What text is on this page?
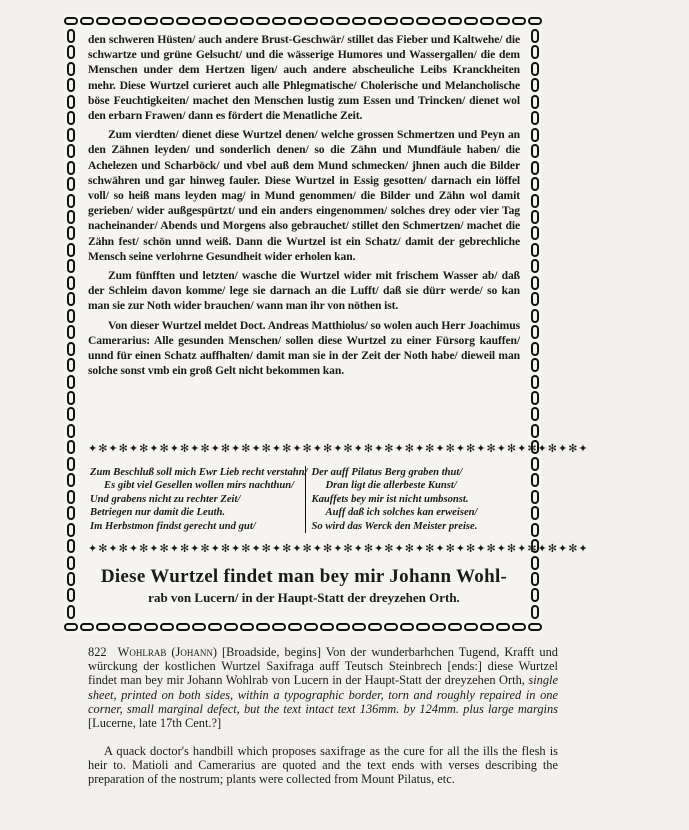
den schweren Hüsten/ auch andere Brust-Geschwär/ stillet das Fieber und Kaltwehe/ die schwartze und grüne Gelsucht/ und die wässerige Humores und Wassergallen/ die dem Menschen under dem Hertzen ligen/ auch andere abscheuliche Leibs Kranckheiten mehr. Diese Wurtzel curieret auch alle Phlegmatische/ Cholerische und Melancholische böse Feuchtigkeiten/ machet den Menschen lustig zum Essen und Trincken/ dienet wol den erbarn Frawen/ dann es fördert die Menatliche Zeit.

Zum vierdten/ dienet diese Wurtzel denen/ welche grossen Schmertzen und Peyn an den Zähnen leyden/ und sonderlich denen/ so die Zähn und Mundfäule haben/ die Achelezen und Scharböck/ und vbel auß dem Mund schmecken/ jhnen auch die Bilder schwähren und gar hinweg fauler. Diese Wurtzel in Essig gesotten/ darnach ein löffel voll/ so heiß mans leyden mag/ in Mund genommen/ die Bilder und Zähn wol damit gerieben/ wider außgespürtzt/ und ein anders eingenommen/ solches drey oder vier Tag nacheinander/ Abends und Morgens also gebrauchet/ stillet den Schmertzen/ machet die Zähn fest/ schön unnd weiß. Dann die Wurtzel ist ein Schatz/ damit der gebrechliche Mensch seine verlohrne Gesundheit wider erholen kan.

Zum fünfften und letzten/ wasche die Wurtzel wider mit frischem Wasser ab/ daß der Schleim davon komme/ lege sie darnach an die Lufft/ daß sie dürr werde/ so kan man sie zur Noth wider brauchen/ wann man ihr von nöthen ist.

Von dieser Wurtzel meldet Doct. Andreas Matthiolus/ so wolen auch Herr Joachimus Camerarius: Alle gesunden Menschen/ sollen diese Wurtzel zu einer Fürsorg kauffen/ unnd für einen Schatz auffhalten/ damit man sie in der Zeit der Noth habe/ dieweil man solche sonst vmb ein groß Gelt nicht bekommen kan.

✦✻✦✻✦✻✦✻✦✻✦✻✦✻✦✻✦✻✦✻✦✻✦✻✦✻✦✻✦✻✦✻✦✻✦✻✦✻✦✻✦✻✦✻✦✻✦✻✦
Zum Beschluß soll mich Ewr Lieb recht verstahn/
Es gibt viel Gesellen wollen mirs nachthun/
Und grabens nicht zu rechter Zeit/
Betriegen nur damit die Leuth.
Im Herbstmon findst gerecht und gut/
Der auff Pilatus Berg graben thut/
Dran ligt die allerbeste Kunst/
Kauffets bey mir ist nicht umbsonst.
Auff daß ich solches kan erweisen/
So wird das Werck den Meister preise.
✦✻✦✻✦✻✦✻✦✻✦✻✦✻✦✻✦✻✦✻✦✻✦✻✦✻✦✻✦✻✦✻✦✻✦✻✦✻✦✻✦✻✦✻✦✻✦✻✦
Diese Wurtzel findet man bey mir Johann Wohl-
rab von Lucern/ in der Haupt-Statt der dreyzehen Orth.
822 Wohlrab (Johann) [Broadside, begins] Von der wunderbarhchen Tugend, Krafft und würckung der kostlichen Wurtzel Saxifraga auff Teutsch Steinbrech [ends:] diese Wurtzel findet man bey mir Johann Wohlrab von Lucern in der Haupt-Statt der dreyzehen Orth, single sheet, printed on both sides, within a typographic border, torn and roughly repaired in one corner, small marginal defect, but the text intact text 136mm. by 124mm. plus large margins [Lucerne, late 17th Cent.?]

A quack doctor's handbill which proposes saxifrage as the cure for all the ills the flesh is heir to. Matioli and Camerarius are quoted and the text ends with verses describing the preparation of the nostrum; plants were collected from Mount Pilatus, etc.
